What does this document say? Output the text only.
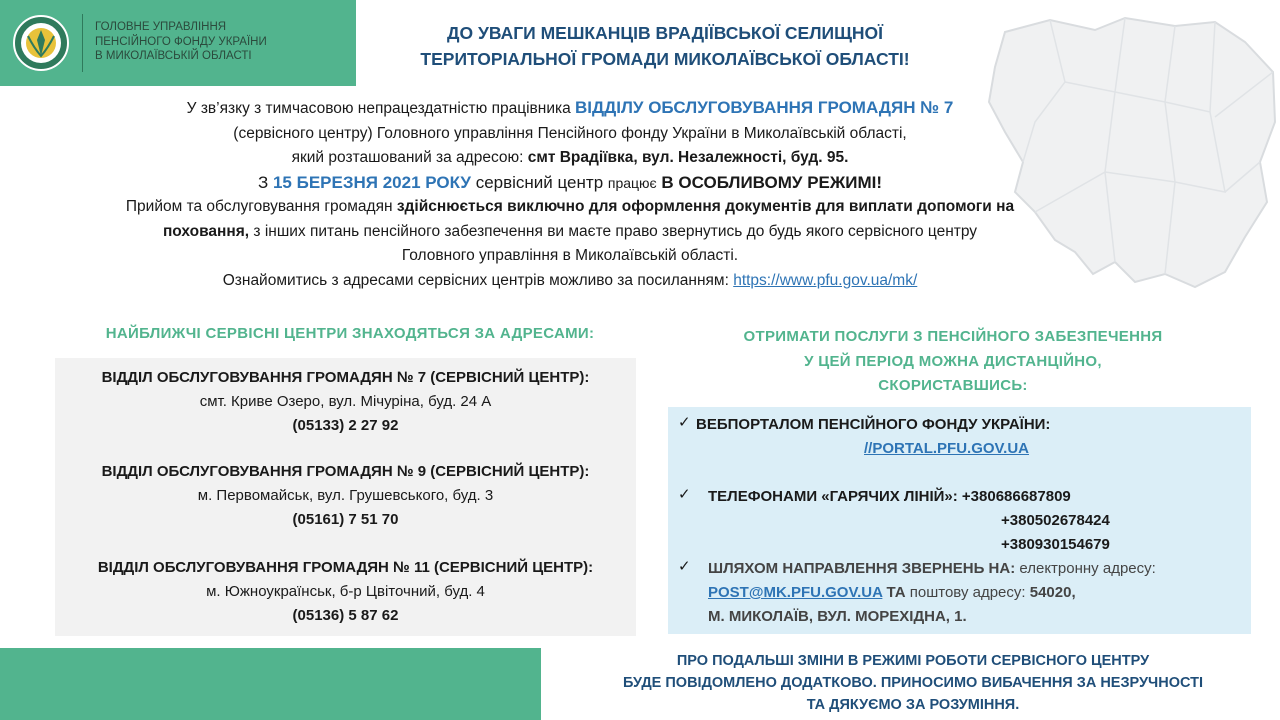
ГОЛОВНЕ УПРАВЛІННЯ
ПЕНСІЙНОГО ФОНДУ УКРАЇНИ
В МИКОЛАЇВСЬКІЙ ОБЛАСТІ
ДО УВАГИ МЕШКАНЦІВ ВРАДІЇВСЬКОЇ СЕЛИЩНОЇ
ТЕРИТОРІАЛЬНОЇ ГРОМАДИ МИКОЛАЇВСЬКОЇ ОБЛАСТІ!
У зв’язку з тимчасовою непрацездатністю працівника ВІДДІЛУ ОБСЛУГОВУВАННЯ ГРОМАДЯН № 7
(сервісного центру) Головного управління Пенсійного фонду України в Миколаївській області,
який розташований за адресою: смт Врадіївка, вул. Незалежності, буд. 95.
З 15 БЕРЕЗНЯ 2021 РОКУ сервісний центр працює В ОСОБЛИВОМУ РЕЖИМІ!
Прийом та обслуговування громадян здійснюється виключно для оформлення документів для виплати допомоги на
поховання, з інших питань пенсійного забезпечення ви маєте право звернутись до будь якого сервісного центру
Головного управління в Миколаївській області.
Ознайомитись з адресами сервісних центрів можливо за посиланням: https://www.pfu.gov.ua/mk/
НАЙБЛИЖЧІ СЕРВІСНІ ЦЕНТРИ ЗНАХОДЯТЬСЯ ЗА АДРЕСАМИ:
ВІДДІЛ ОБСЛУГОВУВАННЯ ГРОМАДЯН № 7 (СЕРВІСНИЙ ЦЕНТР):
смт. Криве Озеро, вул. Мічуріна, буд. 24 А
(05133) 2 27 92
ВІДДІЛ ОБСЛУГОВУВАННЯ ГРОМАДЯН № 9 (СЕРВІСНИЙ ЦЕНТР):
м. Первомайськ, вул. Грушевського, буд. 3
(05161) 7 51 70
ВІДДІЛ ОБСЛУГОВУВАННЯ ГРОМАДЯН № 11 (СЕРВІСНИЙ ЦЕНТР):
м. Южноукраїнськ, б-р Цвіточний, буд. 4
(05136) 5 87 62
ОТРИМАТИ ПОСЛУГИ З ПЕНСІЙНОГО ЗАБЕЗПЕЧЕННЯ
У ЦЕЙ ПЕРІОД МОЖНА ДИСТАНЦІЙНО,
СКОРИСТАВШИСЬ:
✓ ВЕБПОРТАЛОМ ПЕНСІЙНОГО ФОНДУ УКРАЇНИ:
//PORTAL.PFU.GOV.UA
✓ ТЕЛЕФОНАМИ «ГАРЯЧИХ ЛІНІЙ»: +380686687809
+380502678424
+380930154679
✓ ШЛЯХОМ НАПРАВЛЕННЯ ЗВЕРНЕНЬ НА: електронну адресу:
POST@MK.PFU.GOV.UA ТА поштову адресу: 54020,
М. МИКОЛАЇВ, ВУЛ. МОРЕХІДНА, 1.
ПРО ПОДАЛЬШІ ЗМІНИ В РЕЖИМІ РОБОТИ СЕРВІСНОГО ЦЕНТРУ
БУДЕ ПОВІДОМЛЕНО ДОДАТКОВО. ПРИНОСИМО ВИБАЧЕННЯ ЗА НЕЗРУЧНОСТІ
ТА ДЯКУЄМО ЗА РОЗУМІННЯ.
